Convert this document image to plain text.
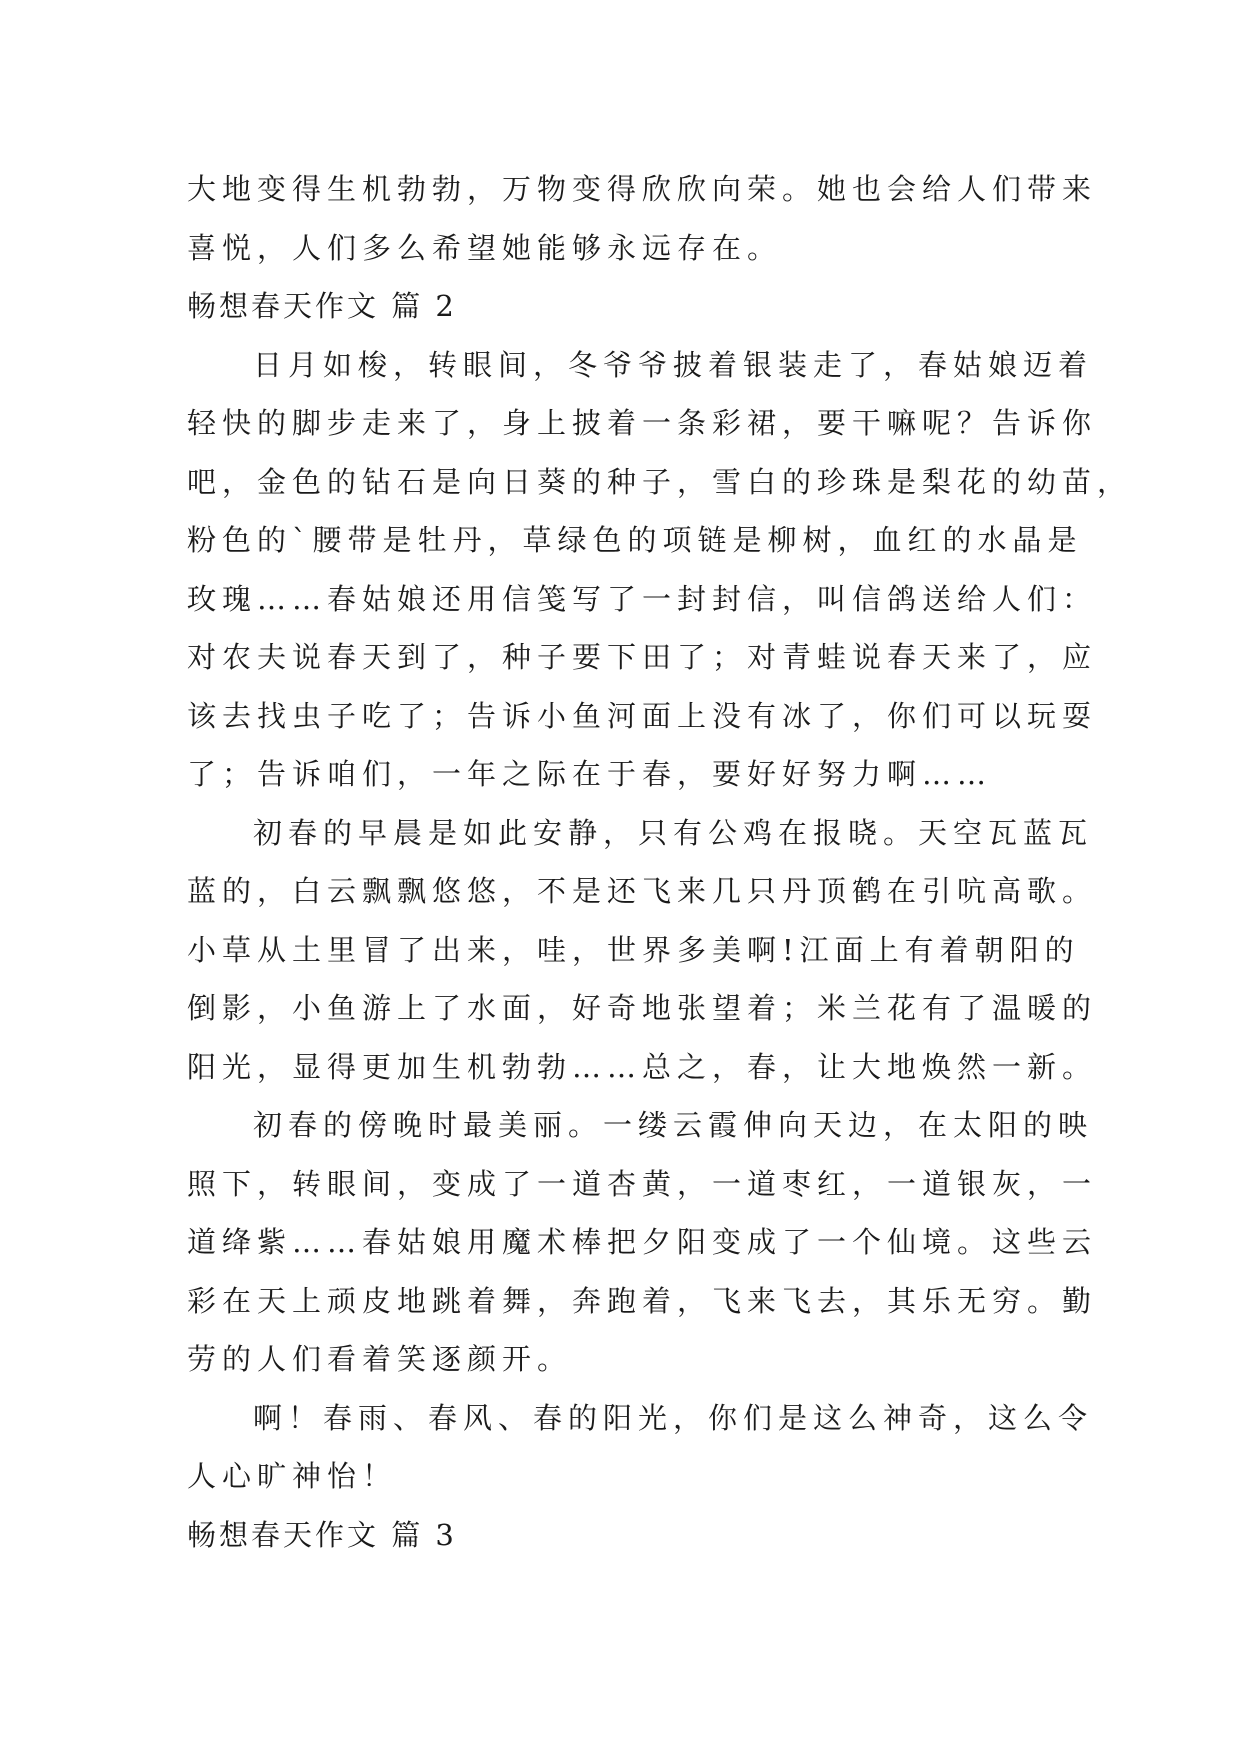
大地变得生机勃勃，万物变得欣欣向荣。她也会给人们带来

喜悦，人们多么希望她能够永远存在。

畅想春天作文 篇 2

日月如梭，转眼间，冬爷爷披着银装走了，春姑娘迈着

轻快的脚步走来了，身上披着一条彩裙，要干嘛呢？告诉你

吧，金色的钻石是向日葵的种子，雪白的珍珠是梨花的幼苗，

粉色的`腰带是牡丹，草绿色的项链是柳树，血红的水晶是

玫瑰……春姑娘还用信笺写了一封封信，叫信鸽送给人们：

对农夫说春天到了，种子要下田了；对青蛙说春天来了，应

该去找虫子吃了；告诉小鱼河面上没有冰了，你们可以玩耍

了；告诉咱们，一年之际在于春，要好好努力啊……

初春的早晨是如此安静，只有公鸡在报晓。天空瓦蓝瓦

蓝的，白云飘飘悠悠，不是还飞来几只丹顶鹤在引吭高歌。

小草从土里冒了出来，哇，世界多美啊!江面上有着朝阳的

倒影，小鱼游上了水面，好奇地张望着；米兰花有了温暖的

阳光，显得更加生机勃勃……总之，春，让大地焕然一新。

初春的傍晚时最美丽。一缕云霞伸向天边，在太阳的映

照下，转眼间，变成了一道杏黄，一道枣红，一道银灰，一

道绛紫……春姑娘用魔术棒把夕阳变成了一个仙境。这些云

彩在天上顽皮地跳着舞，奔跑着，飞来飞去，其乐无穷。勤

劳的人们看着笑逐颜开。

啊！春雨、春风、春的阳光，你们是这么神奇，这么令

人心旷神怡！

畅想春天作文 篇 3
